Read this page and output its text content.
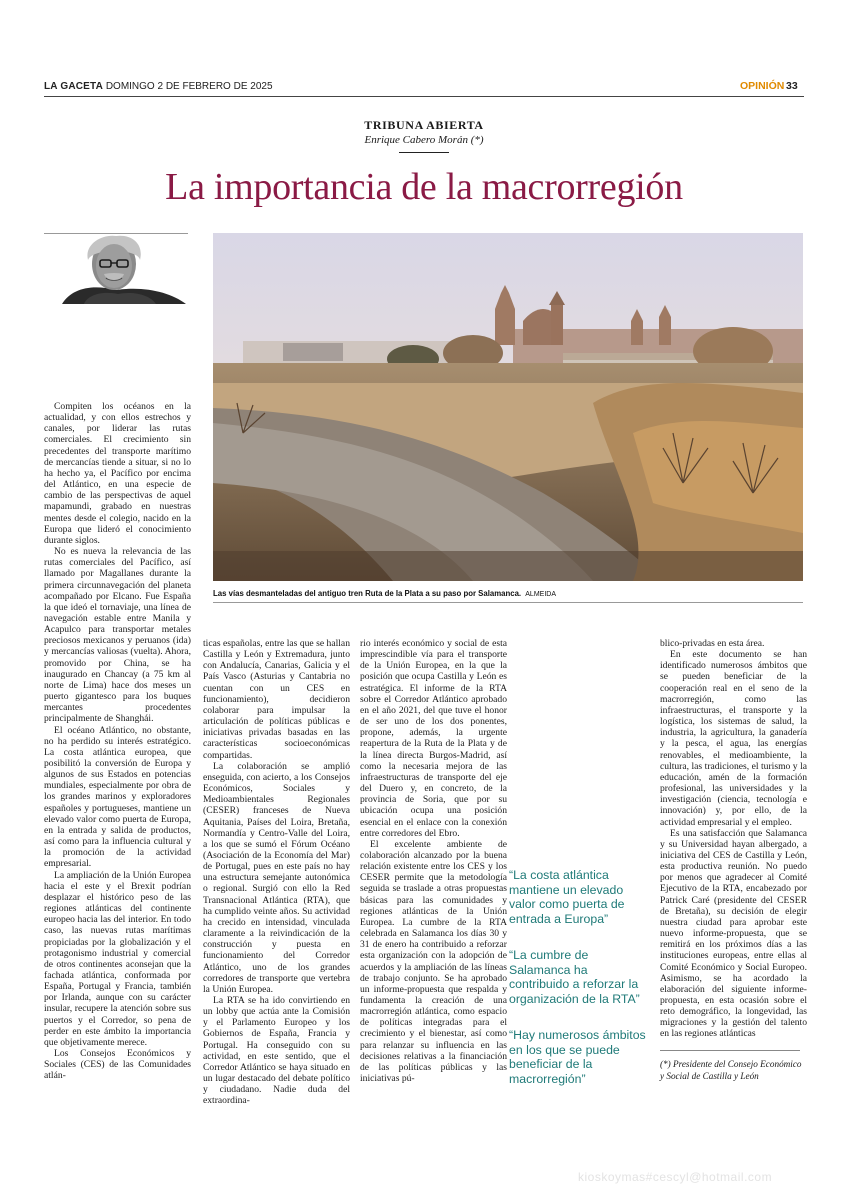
LA GACETA DOMINGO 2 DE FEBRERO DE 2025	OPINIÓN 33
TRIBUNA ABIERTA
Enrique Cabero Morán (*)
La importancia de la macrorregión
Las vías desmanteladas del antiguo tren Ruta de la Plata a su paso por Salamanca. ALMEIDA

Compiten los océanos en la actualidad, y con ellos estrechos y canales, por liderar las rutas comerciales. El crecimiento sin precedentes del transporte marítimo de mercancías tiende a situar, si no lo ha hecho ya, el Pacífico por encima del Atlántico, en una especie de cambio de las perspectivas de aquel mapamundi, grabado en nuestras mentes desde el colegio, nacido en la Europa que lideró el conocimiento durante siglos.

No es nueva la relevancia de las rutas comerciales del Pacífico, así llamado por Magallanes durante la primera circunnavegación del planeta acompañado por Elcano. Fue España la que ideó el tornaviaje, una línea de navegación estable entre Manila y Acapulco para transportar metales preciosos mexicanos y peruanos (ida) y mercancías valiosas (vuelta). Ahora, promovido por China, se ha inaugurado en Chancay (a 75 km al norte de Lima) hace dos meses un puerto gigantesco para los buques mercantes procedentes principalmente de Shanghái.

El océano Atlántico, no obstante, no ha perdido su interés estratégico. La costa atlántica europea, que posibilitó la conversión de Europa y algunos de sus Estados en potencias mundiales, especialmente por obra de los grandes marinos y exploradores españoles y portugueses, mantiene un elevado valor como puerta de Europa, en la entrada y salida de productos, así como para la influencia cultural y la promoción de la actividad empresarial.

La ampliación de la Unión Europea hacia el este y el Brexit podrían desplazar el histórico peso de las regiones atlánticas del continente europeo hacia las del interior. En todo caso, las nuevas rutas marítimas propiciadas por la globalización y el protagonismo industrial y comercial de otros continentes aconsejan que la fachada atlántica, conformada por España, Portugal y Francia, también por Irlanda, aunque con su carácter insular, recupere la atención sobre sus puertos y el Corredor, so pena de perder en este ámbito la importancia que objetivamente merece.

Los Consejos Económicos y Sociales (CES) de las Comunidades atlán-

ticas españolas, entre las que se hallan Castilla y León y Extremadura, junto con Andalucía, Canarias, Galicia y el País Vasco (Asturias y Cantabria no cuentan con un CES en funcionamiento), decidieron colaborar para impulsar la articulación de políticas públicas e iniciativas privadas basadas en las características socioeconómicas compartidas.

La colaboración se amplió enseguida, con acierto, a los Consejos Económicos, Sociales y Medioambientales Regionales (CESER) franceses de Nueva Aquitania, Países del Loira, Bretaña, Normandía y Centro-Valle del Loira, a los que se sumó el Fórum Océano (Asociación de la Economía del Mar) de Portugal, pues en este país no hay una estructura semejante autonómica o regional. Surgió con ello la Red Transnacional Atlántica (RTA), que ha cumplido veinte años. Su actividad ha crecido en intensidad, vinculada claramente a la reivindicación de la construcción y puesta en funcionamiento del Corredor Atlántico, uno de los grandes corredores de transporte que vertebra la Unión Europea.

La RTA se ha ido convirtiendo en un lobby que actúa ante la Comisión y el Parlamento Europeo y los Gobiernos de España, Francia y Portugal. Ha conseguido con su actividad, en este sentido, que el Corredor Atlántico se haya situado en un lugar destacado del debate político y ciudadano. Nadie duda del extraordina-

rio interés económico y social de esta imprescindible vía para el transporte de la Unión Europea, en la que la posición que ocupa Castilla y León es estratégica. El informe de la RTA sobre el Corredor Atlántico aprobado en el año 2021, del que tuve el honor de ser uno de los dos ponentes, propone, además, la urgente reapertura de la Ruta de la Plata y de la línea directa Burgos-Madrid, así como la necesaria mejora de las infraestructuras de transporte del eje del Duero y, en concreto, de la provincia de Soria, que por su ubicación ocupa una posición esencial en el enlace con la conexión entre corredores del Ebro.

El excelente ambiente de colaboración alcanzado por la buena relación existente entre los CES y los CESER permite que la metodología seguida se traslade a otras propuestas básicas para las comunidades y regiones atlánticas de la Unión Europea. La cumbre de la RTA celebrada en Salamanca los días 30 y 31 de enero ha contribuido a reforzar esta organización con la adopción de acuerdos y la ampliación de las líneas de trabajo conjunto. Se ha aprobado un informe-propuesta que respalda y fundamenta la creación de una macrorregión atlántica, como espacio de políticas integradas para el crecimiento y el bienestar, así como para relanzar su influencia en las decisiones relativas a la financiación de las políticas públicas y las iniciativas pú-

blico-privadas en esta área.

En este documento se han identificado numerosos ámbitos que se pueden beneficiar de la cooperación real en el seno de la macrorregión, como las infraestructuras, el transporte y la logística, los sistemas de salud, la industria, la agricultura, la ganadería y la pesca, el agua, las energías renovables, el medioambiente, la cultura, las tradiciones, el turismo y la educación, amén de la formación profesional, las universidades y la investigación (ciencia, tecnología e innovación) y, por ello, de la actividad empresarial y el empleo.

Es una satisfacción que Salamanca y su Universidad hayan albergado, a iniciativa del CES de Castilla y León, esta productiva reunión. No puedo por menos que agradecer al Comité Ejecutivo de la RTA, encabezado por Patrick Caré (presidente del CESER de Bretaña), su decisión de elegir nuestra ciudad para aprobar este nuevo informe-propuesta, que se remitirá en los próximos días a las instituciones europeas, entre ellas al Comité Económico y Social Europeo. Asimismo, se ha acordado la elaboración del siguiente informe-propuesta, en esta ocasión sobre el reto demográfico, la longevidad, las migraciones y la gestión del talento en las regiones atlánticas

“La costa atlántica mantiene un elevado valor como puerta de entrada a Europa”
“La cumbre de Salamanca ha contribuido a reforzar la organización de la RTA”
“Hay numerosos ámbitos en los que se puede beneficiar de la macrorregión”
(*) Presidente del Consejo Económico y Social de Castilla y León
kioskoymas#cescyl@hotmail.com
